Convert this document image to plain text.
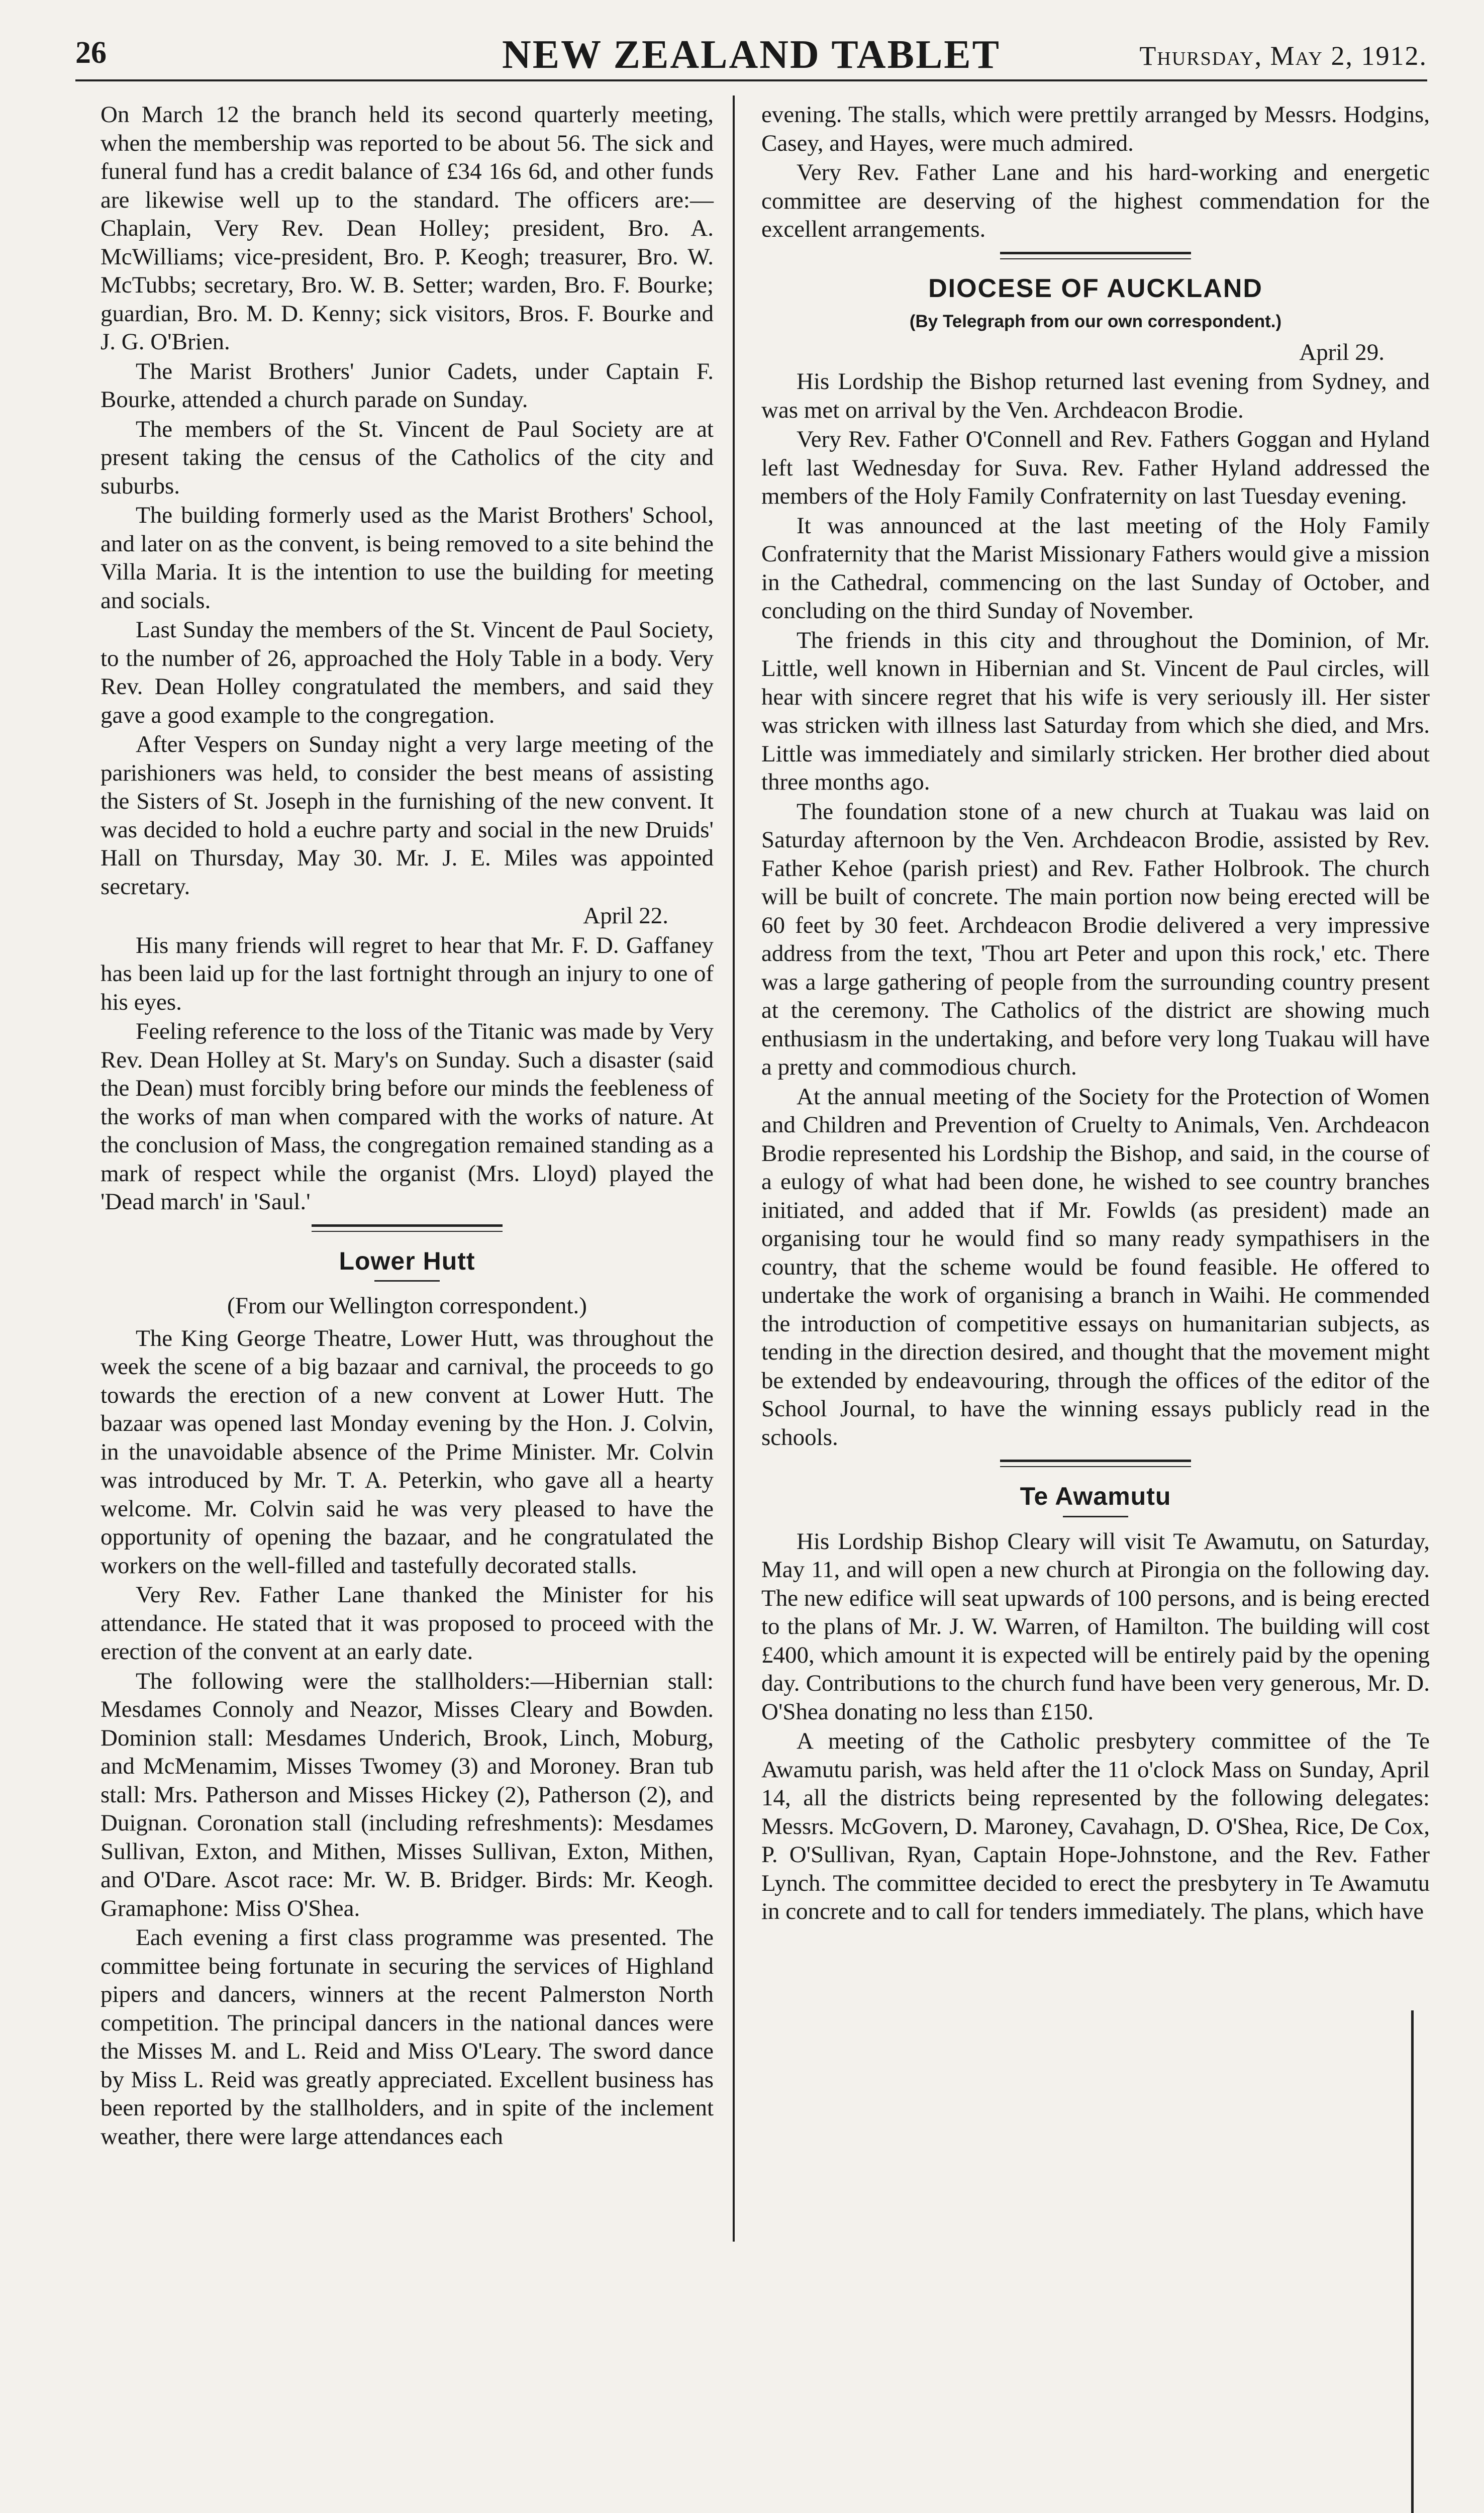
26	NEW ZEALAND TABLET	Thursday, May 2, 1912.

On March 12 the branch held its second quarterly meeting, when the membership was reported to be about 56. The sick and funeral fund has a credit balance of £34 16s 6d, and other funds are likewise well up to the standard. The officers are:—Chaplain, Very Rev. Dean Holley; president, Bro. A. McWilliams; vice-president, Bro. P. Keogh; treasurer, Bro. W. McTubbs; secretary, Bro. W. B. Setter; warden, Bro. F. Bourke; guardian, Bro. M. D. Kenny; sick visitors, Bros. F. Bourke and J. G. O'Brien.

The Marist Brothers' Junior Cadets, under Captain F. Bourke, attended a church parade on Sunday.

The members of the St. Vincent de Paul Society are at present taking the census of the Catholics of the city and suburbs.

The building formerly used as the Marist Brothers' School, and later on as the convent, is being removed to a site behind the Villa Maria. It is the intention to use the building for meeting and socials.

Last Sunday the members of the St. Vincent de Paul Society, to the number of 26, approached the Holy Table in a body. Very Rev. Dean Holley congratulated the members, and said they gave a good example to the congregation.

After Vespers on Sunday night a very large meeting of the parishioners was held, to consider the best means of assisting the Sisters of St. Joseph in the furnishing of the new convent. It was decided to hold a euchre party and social in the new Druids' Hall on Thursday, May 30. Mr. J. E. Miles was appointed secretary.

April 22.

His many friends will regret to hear that Mr. F. D. Gaffaney has been laid up for the last fortnight through an injury to one of his eyes.

Feeling reference to the loss of the Titanic was made by Very Rev. Dean Holley at St. Mary's on Sunday. Such a disaster (said the Dean) must forcibly bring before our minds the feebleness of the works of man when compared with the works of nature. At the conclusion of Mass, the congregation remained standing as a mark of respect while the organist (Mrs. Lloyd) played the 'Dead march' in 'Saul.'

Lower Hutt

(From our Wellington correspondent.)

The King George Theatre, Lower Hutt, was throughout the week the scene of a big bazaar and carnival, the proceeds to go towards the erection of a new convent at Lower Hutt. The bazaar was opened last Monday evening by the Hon. J. Colvin, in the unavoidable absence of the Prime Minister. Mr. Colvin was introduced by Mr. T. A. Peterkin, who gave all a hearty welcome. Mr. Colvin said he was very pleased to have the opportunity of opening the bazaar, and he congratulated the workers on the well-filled and tastefully decorated stalls.

Very Rev. Father Lane thanked the Minister for his attendance. He stated that it was proposed to proceed with the erection of the convent at an early date.

The following were the stallholders:—Hibernian stall: Mesdames Connoly and Neazor, Misses Cleary and Bowden. Dominion stall: Mesdames Underich, Brook, Linch, Moburg, and McMenamim, Misses Twomey (3) and Moroney. Bran tub stall: Mrs. Patherson and Misses Hickey (2), Patherson (2), and Duignan. Coronation stall (including refreshments): Mesdames Sullivan, Exton, and Mithen, Misses Sullivan, Exton, Mithen, and O'Dare. Ascot race: Mr. W. B. Bridger. Birds: Mr. Keogh. Gramaphone: Miss O'Shea.

Each evening a first class programme was presented. The committee being fortunate in securing the services of Highland pipers and dancers, winners at the recent Palmerston North competition. The principal dancers in the national dances were the Misses M. and L. Reid and Miss O'Leary. The sword dance by Miss L. Reid was greatly appreciated. Excellent business has been reported by the stallholders, and in spite of the inclement weather, there were large attendances each

evening. The stalls, which were prettily arranged by Messrs. Hodgins, Casey, and Hayes, were much admired.

Very Rev. Father Lane and his hard-working and energetic committee are deserving of the highest commendation for the excellent arrangements.

DIOCESE OF AUCKLAND
(By Telegraph from our own correspondent.)

April 29.

His Lordship the Bishop returned last evening from Sydney, and was met on arrival by the Ven. Archdeacon Brodie.

Very Rev. Father O'Connell and Rev. Fathers Goggan and Hyland left last Wednesday for Suva. Rev. Father Hyland addressed the members of the Holy Family Confraternity on last Tuesday evening.

It was announced at the last meeting of the Holy Family Confraternity that the Marist Missionary Fathers would give a mission in the Cathedral, commencing on the last Sunday of October, and concluding on the third Sunday of November.

The friends in this city and throughout the Dominion, of Mr. Little, well known in Hibernian and St. Vincent de Paul circles, will hear with sincere regret that his wife is very seriously ill. Her sister was stricken with illness last Saturday from which she died, and Mrs. Little was immediately and similarly stricken. Her brother died about three months ago.

The foundation stone of a new church at Tuakau was laid on Saturday afternoon by the Ven. Archdeacon Brodie, assisted by Rev. Father Kehoe (parish priest) and Rev. Father Holbrook. The church will be built of concrete. The main portion now being erected will be 60 feet by 30 feet. Archdeacon Brodie delivered a very impressive address from the text, 'Thou art Peter and upon this rock,' etc. There was a large gathering of people from the surrounding country present at the ceremony. The Catholics of the district are showing much enthusiasm in the undertaking, and before very long Tuakau will have a pretty and commodious church.

At the annual meeting of the Society for the Protection of Women and Children and Prevention of Cruelty to Animals, Ven. Archdeacon Brodie represented his Lordship the Bishop, and said, in the course of a eulogy of what had been done, he wished to see country branches initiated, and added that if Mr. Fowlds (as president) made an organising tour he would find so many ready sympathisers in the country, that the scheme would be found feasible. He offered to undertake the work of organising a branch in Waihi. He commended the introduction of competitive essays on humanitarian subjects, as tending in the direction desired, and thought that the movement might be extended by endeavouring, through the offices of the editor of the School Journal, to have the winning essays publicly read in the schools.

Te Awamutu

His Lordship Bishop Cleary will visit Te Awamutu, on Saturday, May 11, and will open a new church at Pirongia on the following day. The new edifice will seat upwards of 100 persons, and is being erected to the plans of Mr. J. W. Warren, of Hamilton. The building will cost £400, which amount it is expected will be entirely paid by the opening day. Contributions to the church fund have been very generous, Mr. D. O'Shea donating no less than £150.

A meeting of the Catholic presbytery committee of the Te Awamutu parish, was held after the 11 o'clock Mass on Sunday, April 14, all the districts being represented by the following delegates: Messrs. McGovern, D. Maroney, Cavahagn, D. O'Shea, Rice, De Cox, P. O'Sullivan, Ryan, Captain Hope-Johnstone, and the Rev. Father Lynch. The committee decided to erect the presbytery in Te Awamutu in concrete and to call for tenders immediately. The plans, which have
